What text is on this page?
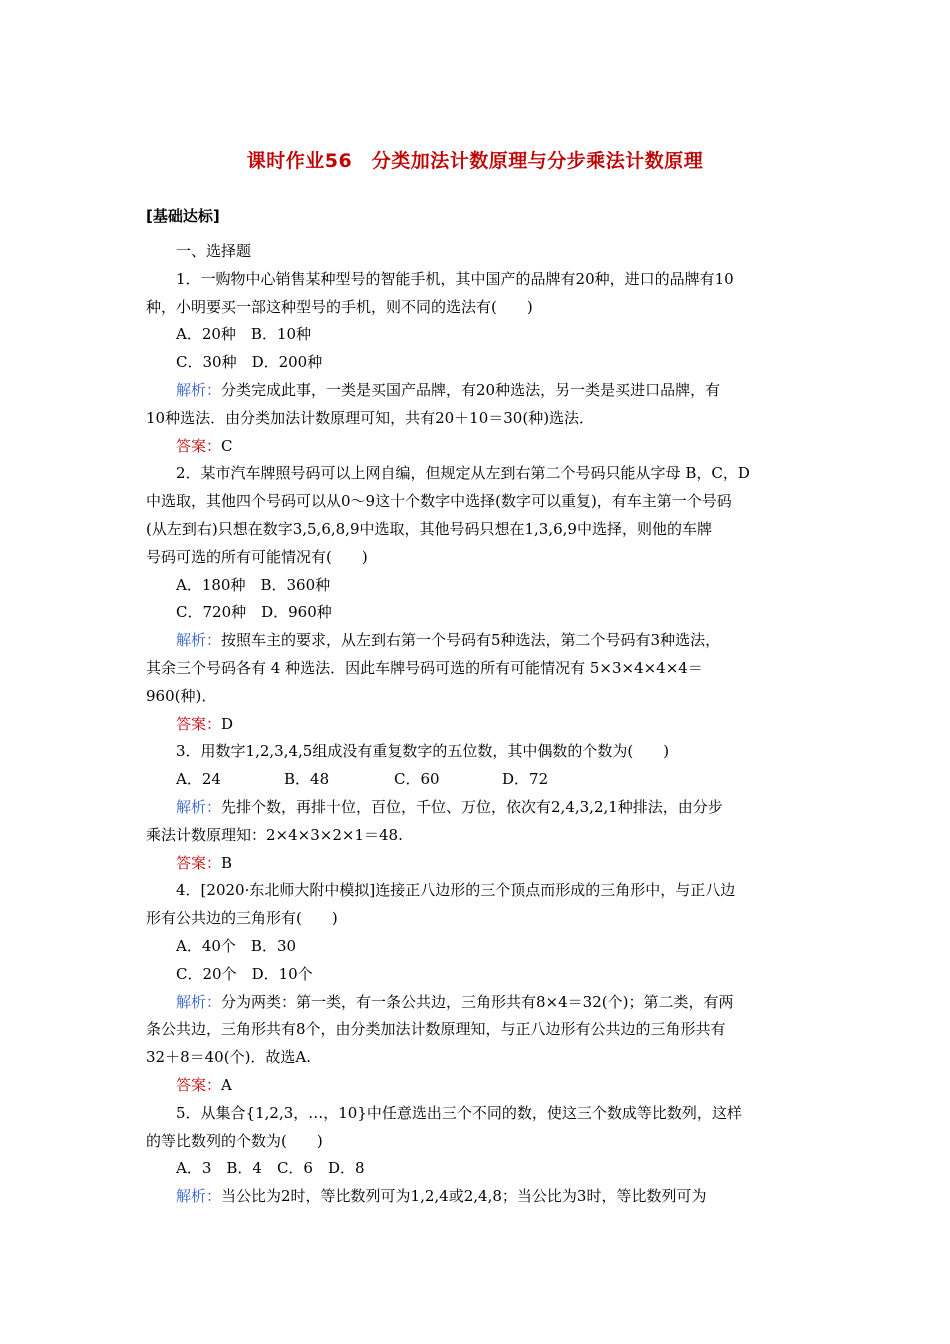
课时作业56　分类加法计数原理与分步乘法计数原理
[基础达标]
一、选择题
1．一购物中心销售某种型号的智能手机，其中国产的品牌有20种，进口的品牌有10
种，小明要买一部这种型号的手机，则不同的选法有(　　)
A．20种　B．10种
C．30种　D．200种
解析：分类完成此事，一类是买国产品牌，有20种选法，另一类是买进口品牌，有
10种选法．由分类加法计数原理可知，共有20＋10＝30(种)选法．
答案：C
2．某市汽车牌照号码可以上网自编，但规定从左到右第二个号码只能从字母 B，C，D
中选取，其他四个号码可以从0～9这十个数字中选择(数字可以重复)，有车主第一个号码
(从左到右)只想在数字3,5,6,8,9中选取，其他号码只想在1,3,6,9中选择，则他的车牌
号码可选的所有可能情况有(　　)
A．180种　B．360种
C．720种　D．960种
解析：按照车主的要求，从左到右第一个号码有5种选法，第二个号码有3种选法，
其余三个号码各有 4 种选法．因此车牌号码可选的所有可能情况有 5×3×4×4×4＝
960(种)．
答案：D
3．用数字1,2,3,4,5组成没有重复数字的五位数，其中偶数的个数为(　　)
A．24	B．48	C．60	D．72
解析：先排个数，再排十位，百位，千位、万位，依次有2,4,3,2,1种排法，由分步
乘法计数原理知：2×4×3×2×1＝48.
答案：B
4．[2020·东北师大附中模拟]连接正八边形的三个顶点而形成的三角形中，与正八边
形有公共边的三角形有(　　)
A．40个　B．30
C．20个　D．10个
解析：分为两类：第一类，有一条公共边，三角形共有8×4＝32(个)；第二类，有两
条公共边，三角形共有8个，由分类加法计数原理知，与正八边形有公共边的三角形共有
32＋8＝40(个)．故选A.
答案：A
5．从集合{1,2,3，…，10}中任意选出三个不同的数，使这三个数成等比数列，这样
的等比数列的个数为(　　)
A．3　B．4　C．6　D．8
解析：当公比为2时，等比数列可为1,2,4或2,4,8；当公比为3时，等比数列可为
